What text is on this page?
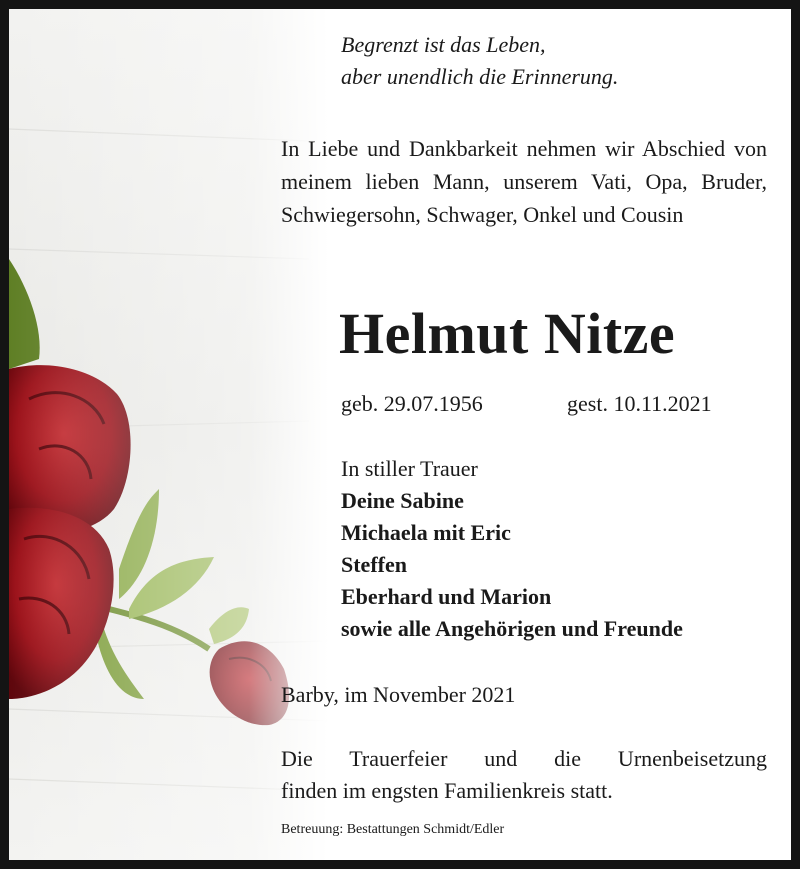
Begrenzt ist das Leben,
aber unendlich die Erinnerung.
In Liebe und Dankbarkeit nehmen wir Abschied von meinem lieben Mann, unserem Vati, Opa, Bruder, Schwiegersohn, Schwager, Onkel und Cousin
Helmut Nitze
geb. 29.07.1956	gest. 10.11.2021
In stiller Trauer
Deine Sabine
Michaela mit Eric
Steffen
Eberhard und Marion
sowie alle Angehörigen und Freunde
Barby, im November 2021
Die Trauerfeier und die Urnenbeisetzung
finden im engsten Familienkreis statt.
Betreuung: Bestattungen Schmidt/Edler
